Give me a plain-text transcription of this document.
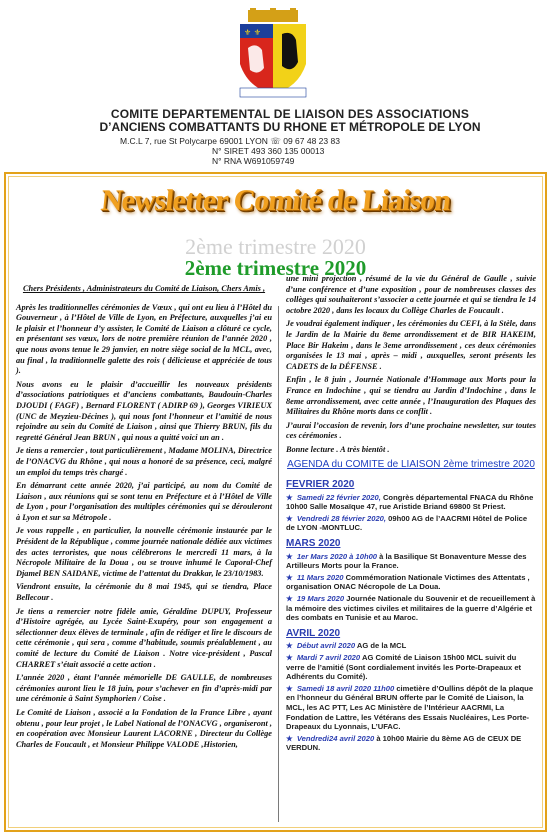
⚜ ⚜
COMITE DEPARTEMENTAL DE LIAISON DES ASSOCIATIONS
D’ANCIENS COMBATTANTS DU RHONE ET MÉTROPOLE DE LYON
M.C.L 7, rue St Polycarpe 69001 LYON ☏ 09 67 48 23 83
N° SIRET 493 360 135 00013
N° RNA W691059749
Newsletter Comité de Liaison
2ème trimestre 2020
2ème trimestre 2020

Chers Présidents , Administrateurs du Comité de Liaison, Chers Amis ,

Après les traditionnelles cérémonies de Vœux , qui ont eu lieu à l’Hôtel du Gouverneur , à l’Hôtel de Ville de Lyon, en Préfecture, auxquelles j’ai eu le plaisir et l’honneur d’y assister, le Comité de Liaison a clôturé ce cycle, en présentant ses vœux, lors de notre première réunion de l’année 2020 , que nous avons tenue le 29 janvier, en notre siège social de la MCL, avec, au final , la traditionnelle galette des rois ( délicieuse et appréciée de tous ).

Nous avons eu le plaisir d’accueillir les nouveaux présidents d’associations patriotiques et d’anciens combattants, Baudouin-Charles DJOUDI ( FAGF) , Bernard FLORENT ( ADIRP 69 ), Georges VIRIEUX (UNC de Meyzieu-Décines ), qui nous font l’honneur et l’amitié de nous rejoindre au sein du Comité de Liaison , ainsi que Thierry BRUN, fils du regretté Général Jean BRUN , qui nous a quitté voici un an .

Je tiens a remercier , tout particulièrement , Madame MOLINA, Directrice de l’ONACVG du Rhône , qui nous a honoré de sa présence, ceci, malgré un emploi du temps très chargé .

En démarrant cette année 2020, j’ai participé, au nom du Comité de Liaison , aux réunions qui se sont tenu en Préfecture et à l’Hôtel de Ville de Lyon , pour l’organisation des multiples cérémonies qui se dérouleront à Lyon et sur sa Métropole .

Je vous rappelle , en particulier, la nouvelle cérémonie instaurée par le Président de la République , comme journée nationale dédiée aux victimes des actes terroristes, que nous célébrerons le mercredi 11 mars, à la Nécropole Militaire de la Doua , ou se trouve inhumé le Caporal-Chef Djamel BEN SAIDANE, victime de l’attentat du Drakkar, le 23/10/1983.

Viendront ensuite, la cérémonie du 8 mai 1945, qui se tiendra, Place Bellecour .

Je tiens a remercier notre fidèle amie, Géraldine DUPUY, Professeur d’Histoire agrégée, au Lycée Saint-Exupéry, pour son engagement a sélectionner deux élèves de terminale , afin de rédiger et lire le discours de cette cérémonie , qui sera , comme d’habitude, soumis préalablement , au comité de lecture du Comité de Liaison . Notre vice-président , Pascal CHARRET s’était associé a cette action .

L’année 2020 , étant l’année mémorielle DE GAULLE, de nombreuses cérémonies auront lieu le 18 juin, pour s’achever en fin d’après-midi par une cérémonie à Saint Symphorien / Coise .

Le Comité de Liaison , associé a la Fondation de la France Libre , ayant obtenu , pour leur projet , le Label National de l’ONACVG , organiseront , en coopération avec Monsieur Laurent LACORNE , Directeur du Collège Charles de Foucault , et Monsieur Philippe VALODE ,Historien,

une mini projection , résumé de la vie du Général de Gaulle , suivie d’une conférence et d’une exposition , pour de nombreuses classes des collèges qui souhaiteront s’associer a cette journée et qui se tiendra le 14 octobre 2020 , dans les locaux du Collège Charles de Foucault .

Je voudrai également indiquer , les cérémonies du CEFI, à la Stèle, dans le Jardin de la Mairie du 8eme arrondissement et de BIR HAKEIM, Place Bir Hakeim , dans le 3eme arrondissement , ces deux cérémonies organisées le 13 mai , après – midi , auxquelles, seront présents les CADETS de la DÉFENSE .

Enfin , le 8 juin , Journée Nationale d’Hommage aux Morts pour la France en Indochine , qui se tiendra au Jardin d’Indochine , dans le 8eme arrondissement, avec cette année , l’Inauguration des Plaques des Militaires du Rhône morts dans ce conflit .

J’aurai l’occasion de revenir, lors d’une prochaine newsletter, sur toutes ces cérémonies .

Bonne lecture . A très bientôt .

AGENDA du COMITE de LIAISON 2ème trimestre 2020
FEVRIER 2020
★ Samedi 22 février 2020, Congrès départemental FNACA du Rhône 10h00 Salle Mosaïque 47, rue Aristide Briand 69800 St Priest.
★ Vendredi 28 février 2020, 09h00 AG de l’AACRMI Hôtel de Police de LYON -MONTLUC.
MARS 2020
★ 1er Mars 2020 à 10h00 à la Basilique St Bonaventure Messe des Artilleurs Morts pour la France.
★ 11 Mars 2020 Commémoration Nationale Victimes des Attentats , organisation ONAC Nécropole de La Doua.
★ 19 Mars 2020 Journée Nationale du Souvenir et de recueillement à la mémoire des victimes civiles et militaires de la guerre d’Algérie et des combats en Tunisie et au Maroc.
AVRIL 2020
★ Début avril 2020 AG de la MCL
★ Mardi 7 avril 2020 AG Comité de Liaison 15h00 MCL suivit du verre de l’amitié (Sont cordialement invités les Porte-Drapeaux et Adhérents du Comité).
★ Samedi 18 avril 2020 11h00 cimetière d’Oullins dépôt de la plaque en l’honneur du Général BRUN offerte par le Comité de Liaison, la MCL, les AC PTT, Les AC Ministère de l’Intérieur AACRMI, La Fondation de Lattre, les Vétérans des Essais Nucléaires, Les Porte-Drapeaux du Lyonnais, L’UFAC.
★ Vendredi24 avril 2020 à 10h00 Mairie du 8ème AG de CEUX DE VERDUN.
